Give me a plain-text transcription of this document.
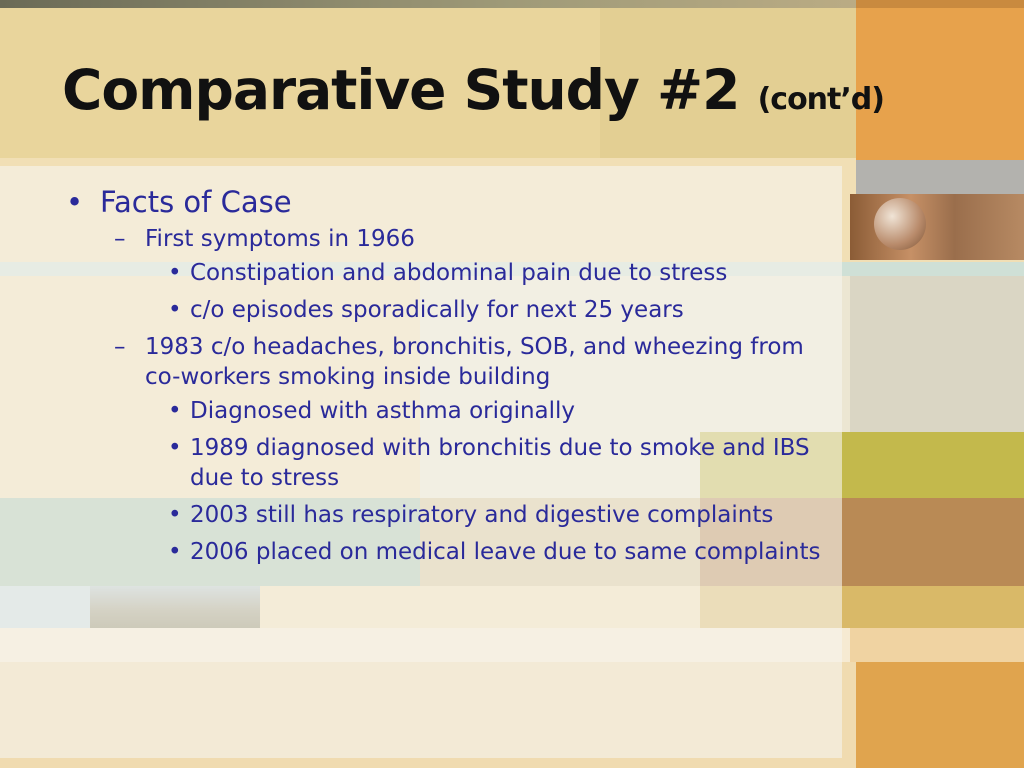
Comparative Study #2 (cont’d)
• Facts of Case
– First symptoms in 1966
• Constipation and abdominal pain due to stress
• c/o episodes sporadically for next 25 years
– 1983 c/o headaches, bronchitis, SOB, and wheezing from co-workers smoking inside building
• Diagnosed with asthma originally
• 1989 diagnosed with bronchitis due to smoke and IBS due to stress
• 2003 still has respiratory and digestive complaints
• 2006 placed on medical leave due to same complaints
